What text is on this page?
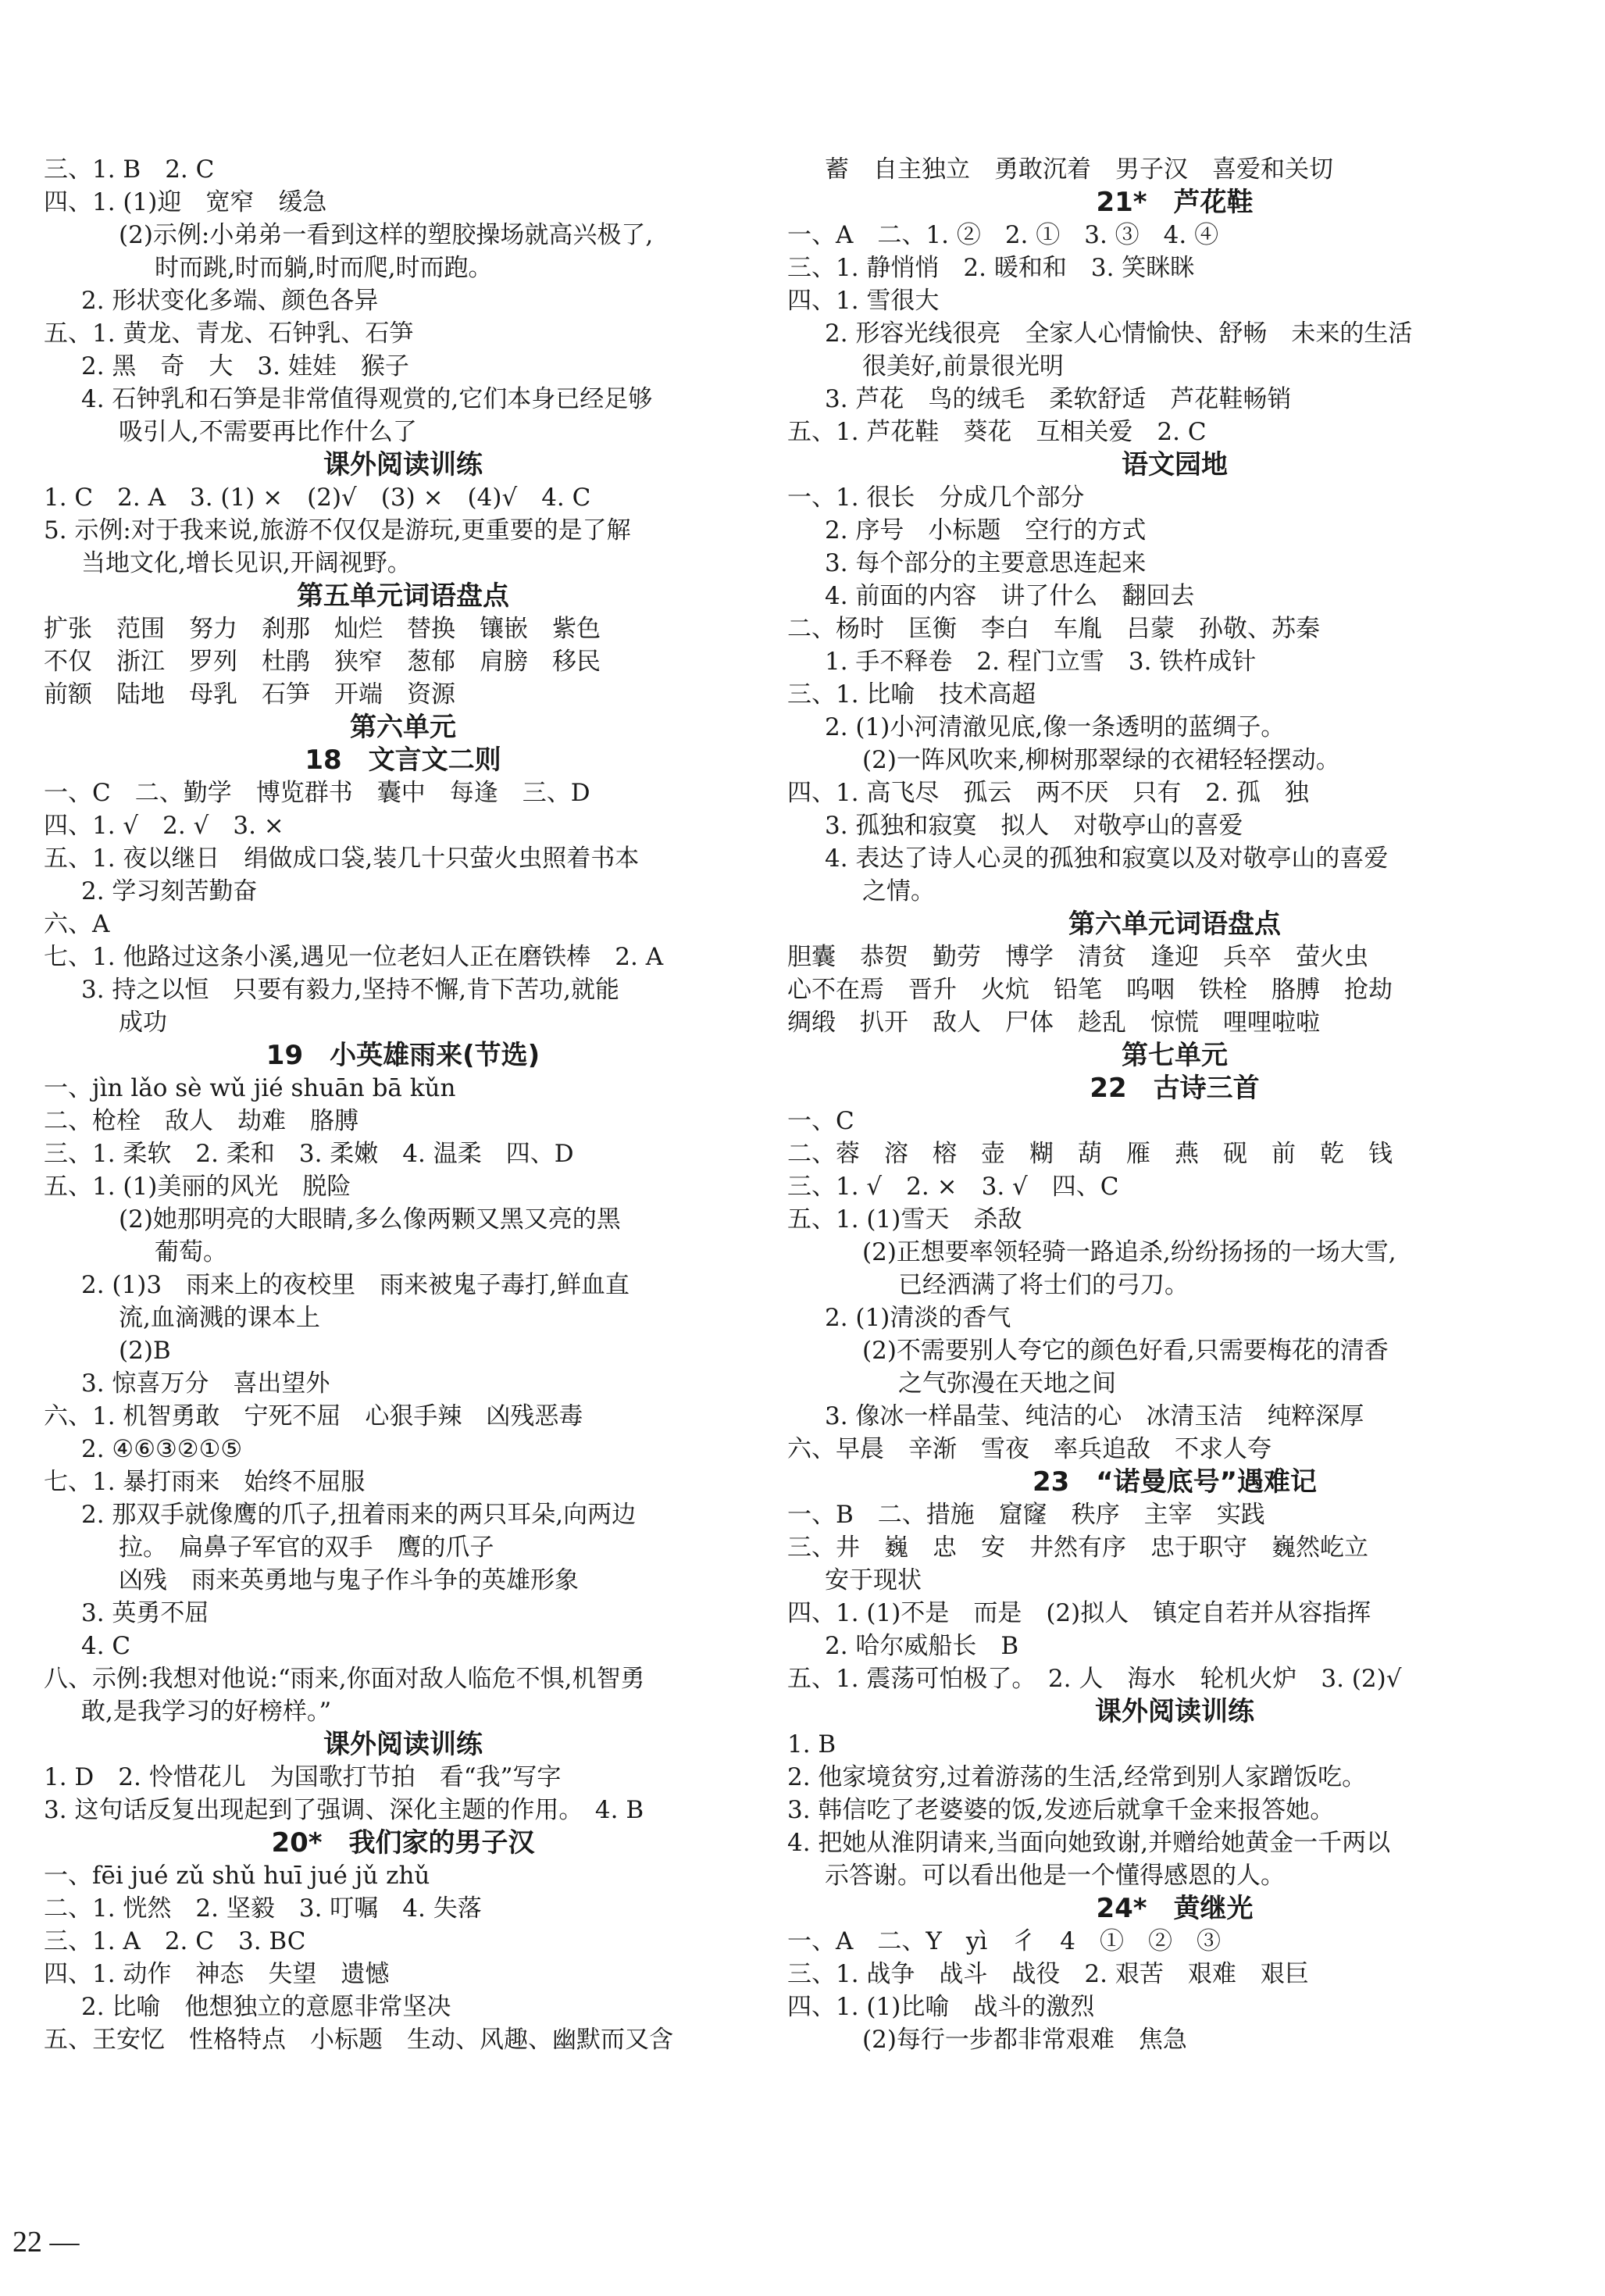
三、1. B　2. C
四、1. (1)迎　宽窄　缓急
(2)示例:小弟弟一看到这样的塑胶操场就高兴极了,
时而跳,时而躺,时而爬,时而跑。
2. 形状变化多端、颜色各异
五、1. 黄龙、青龙、石钟乳、石笋
2. 黑　奇　大　3. 娃娃　猴子
4. 石钟乳和石笋是非常值得观赏的,它们本身已经足够
吸引人,不需要再比作什么了
课外阅读训练
1. C　2. A　3. (1) ×　(2)√　(3) ×　(4)√　4. C
5. 示例:对于我来说,旅游不仅仅是游玩,更重要的是了解
当地文化,增长见识,开阔视野。
第五单元词语盘点
扩张　范围　努力　刹那　灿烂　替换　镶嵌　紫色
不仅　浙江　罗列　杜鹃　狭窄　葱郁　肩膀　移民
前额　陆地　母乳　石笋　开端　资源
第六单元
18　文言文二则
一、C　二、勤学　博览群书　囊中　每逢　三、D
四、1. √　2. √　3. ×
五、1. 夜以继日　绢做成口袋,装几十只萤火虫照着书本
2. 学习刻苦勤奋
六、A
七、1. 他路过这条小溪,遇见一位老妇人正在磨铁棒　2. A
3. 持之以恒　只要有毅力,坚持不懈,肯下苦功,就能
成功
19　小英雄雨来(节选)
一、jìn lǎo sè wǔ jié shuān bā kǔn
二、枪栓　敌人　劫难　胳膊
三、1. 柔软　2. 柔和　3. 柔嫩　4. 温柔　四、D
五、1. (1)美丽的风光　脱险
(2)她那明亮的大眼睛,多么像两颗又黑又亮的黑
葡萄。
2. (1)3　雨来上的夜校里　雨来被鬼子毒打,鲜血直
流,血滴溅的课本上
(2)B
3. 惊喜万分　喜出望外
六、1. 机智勇敢　宁死不屈　心狠手辣　凶残恶毒
2. ④⑥③②①⑤
七、1. 暴打雨来　始终不屈服
2. 那双手就像鹰的爪子,扭着雨来的两只耳朵,向两边
拉。　扁鼻子军官的双手　鹰的爪子
凶残　雨来英勇地与鬼子作斗争的英雄形象
3. 英勇不屈
4. C
八、示例:我想对他说:“雨来,你面对敌人临危不惧,机智勇
敢,是我学习的好榜样。”
课外阅读训练
1. D　2. 怜惜花儿　为国歌打节拍　看“我”写字
3. 这句话反复出现起到了强调、深化主题的作用。　4. B
20*　我们家的男子汉
一、fēi jué zǔ shǔ huī jué jǔ zhǔ
二、1. 恍然　2. 坚毅　3. 叮嘱　4. 失落
三、1. A　2. C　3. BC
四、1. 动作　神态　失望　遗憾
2. 比喻　他想独立的意愿非常坚决
五、王安忆　性格特点　小标题　生动、风趣、幽默而又含
蓄　自主独立　勇敢沉着　男子汉　喜爱和关切
21*　芦花鞋
一、A　二、1. ②　2. ①　3. ③　4. ④
三、1. 静悄悄　2. 暖和和　3. 笑眯眯
四、1. 雪很大
2. 形容光线很亮　全家人心情愉快、舒畅　未来的生活
很美好,前景很光明
3. 芦花　鸟的绒毛　柔软舒适　芦花鞋畅销
五、1. 芦花鞋　葵花　互相关爱　2. C
语文园地
一、1. 很长　分成几个部分
2. 序号　小标题　空行的方式
3. 每个部分的主要意思连起来
4. 前面的内容　讲了什么　翻回去
二、杨时　匡衡　李白　车胤　吕蒙　孙敬、苏秦
1. 手不释卷　2. 程门立雪　3. 铁杵成针
三、1. 比喻　技术高超
2. (1)小河清澈见底,像一条透明的蓝绸子。
(2)一阵风吹来,柳树那翠绿的衣裙轻轻摆动。
四、1. 高飞尽　孤云　两不厌　只有　2. 孤　独
3. 孤独和寂寞　拟人　对敬亭山的喜爱
4. 表达了诗人心灵的孤独和寂寞以及对敬亭山的喜爱
之情。
第六单元词语盘点
胆囊　恭贺　勤劳　博学　清贫　逢迎　兵卒　萤火虫
心不在焉　晋升　火炕　铅笔　呜咽　铁栓　胳膊　抢劫
绸缎　扒开　敌人　尸体　趁乱　惊慌　哩哩啦啦
第七单元
22　古诗三首
一、C
二、蓉　溶　榕　壶　糊　葫　雁　燕　砚　前　乾　钱
三、1. √　2. ×　3. √　四、C
五、1. (1)雪天　杀敌
(2)正想要率领轻骑一路追杀,纷纷扬扬的一场大雪,
已经洒满了将士们的弓刀。
2. (1)清淡的香气
(2)不需要别人夸它的颜色好看,只需要梅花的清香
之气弥漫在天地之间
3. 像冰一样晶莹、纯洁的心　冰清玉洁　纯粹深厚
六、早晨　辛渐　雪夜　率兵追敌　不求人夸
23　“诺曼底号”遇难记
一、B　二、措施　窟窿　秩序　主宰　实践
三、井　巍　忠　安　井然有序　忠于职守　巍然屹立
安于现状
四、1. (1)不是　而是　(2)拟人　镇定自若并从容指挥
2. 哈尔威船长　B
五、1. 震荡可怕极了。　2. 人　海水　轮机火炉　3. (2)√
课外阅读训练
1. B
2. 他家境贫穷,过着游荡的生活,经常到别人家蹭饭吃。
3. 韩信吃了老婆婆的饭,发迹后就拿千金来报答她。
4. 把她从淮阴请来,当面向她致谢,并赠给她黄金一千两以
示答谢。可以看出他是一个懂得感恩的人。
24*　黄继光
一、A　二、Y　yì　彳　4　①　②　③
三、1. 战争　战斗　战役　2. 艰苦　艰难　艰巨
四、1. (1)比喻　战斗的激烈
(2)每行一步都非常艰难　焦急
22 —
